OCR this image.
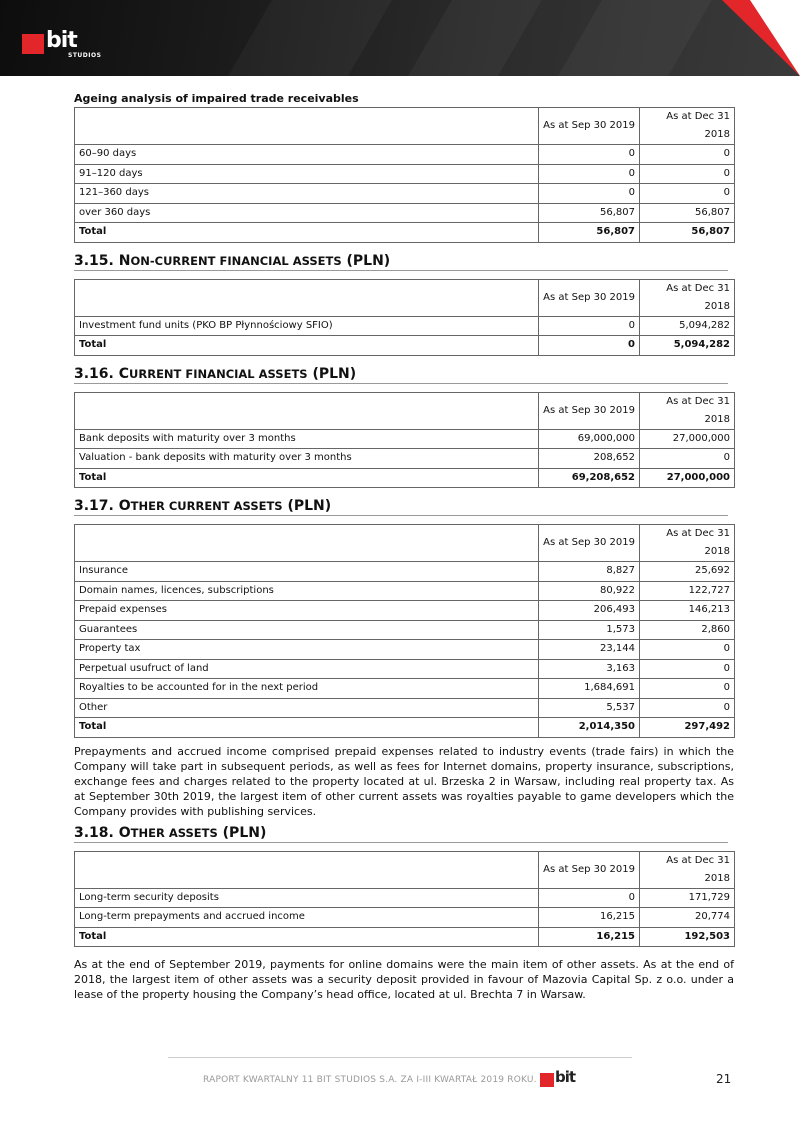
bit
STUDIOS
Ageing analysis of impaired trade receivables
	As at Sep 30 2019	As at Dec 31 2018
60–90 days	0	0
91–120 days	0	0
121–360 days	0	0
over 360 days	56,807	56,807
Total	56,807	56,807
3.15. NON-CURRENT FINANCIAL ASSETS (PLN)
	As at Sep 30 2019	As at Dec 31 2018
Investment fund units (PKO BP Płynnościowy SFIO)	0	5,094,282
Total	0	5,094,282
3.16. CURRENT FINANCIAL ASSETS (PLN)
	As at Sep 30 2019	As at Dec 31 2018
Bank deposits with maturity over 3 months	69,000,000	27,000,000
Valuation - bank deposits with maturity over 3 months	208,652	0
Total	69,208,652	27,000,000
3.17. OTHER CURRENT ASSETS (PLN)
	As at Sep 30 2019	As at Dec 31 2018
Insurance	8,827	25,692
Domain names, licences, subscriptions	80,922	122,727
Prepaid expenses	206,493	146,213
Guarantees	1,573	2,860
Property tax	23,144	0
Perpetual usufruct of land	3,163	0
Royalties to be accounted for in the next period	1,684,691	0
Other	5,537	0
Total	2,014,350	297,492

Prepayments and accrued income comprised prepaid expenses related to industry events (trade fairs) in which the Company will take part in subsequent periods, as well as fees for Internet domains, property insurance, subscriptions, exchange fees and charges related to the property located at ul. Brzeska 2 in Warsaw, including real property tax. As at September 30th 2019, the largest item of other current assets was royalties payable to game developers which the Company provides with publishing services.

3.18. OTHER ASSETS (PLN)
	As at Sep 30 2019	As at Dec 31 2018
Long-term security deposits	0	171,729
Long-term prepayments and accrued income	16,215	20,774
Total	16,215	192,503

As at the end of September 2019, payments for online domains were the main item of other assets. As at the end of 2018, the largest item of other assets was a security deposit provided in favour of Mazovia Capital Sp. z o.o. under a lease of the property housing the Company’s head office, located at ul. Brechta 7 in Warsaw.

RAPORT KWARTALNY 11 BIT STUDIOS S.A. ZA I-III KWARTAŁ 2019 ROKU. bit	21
